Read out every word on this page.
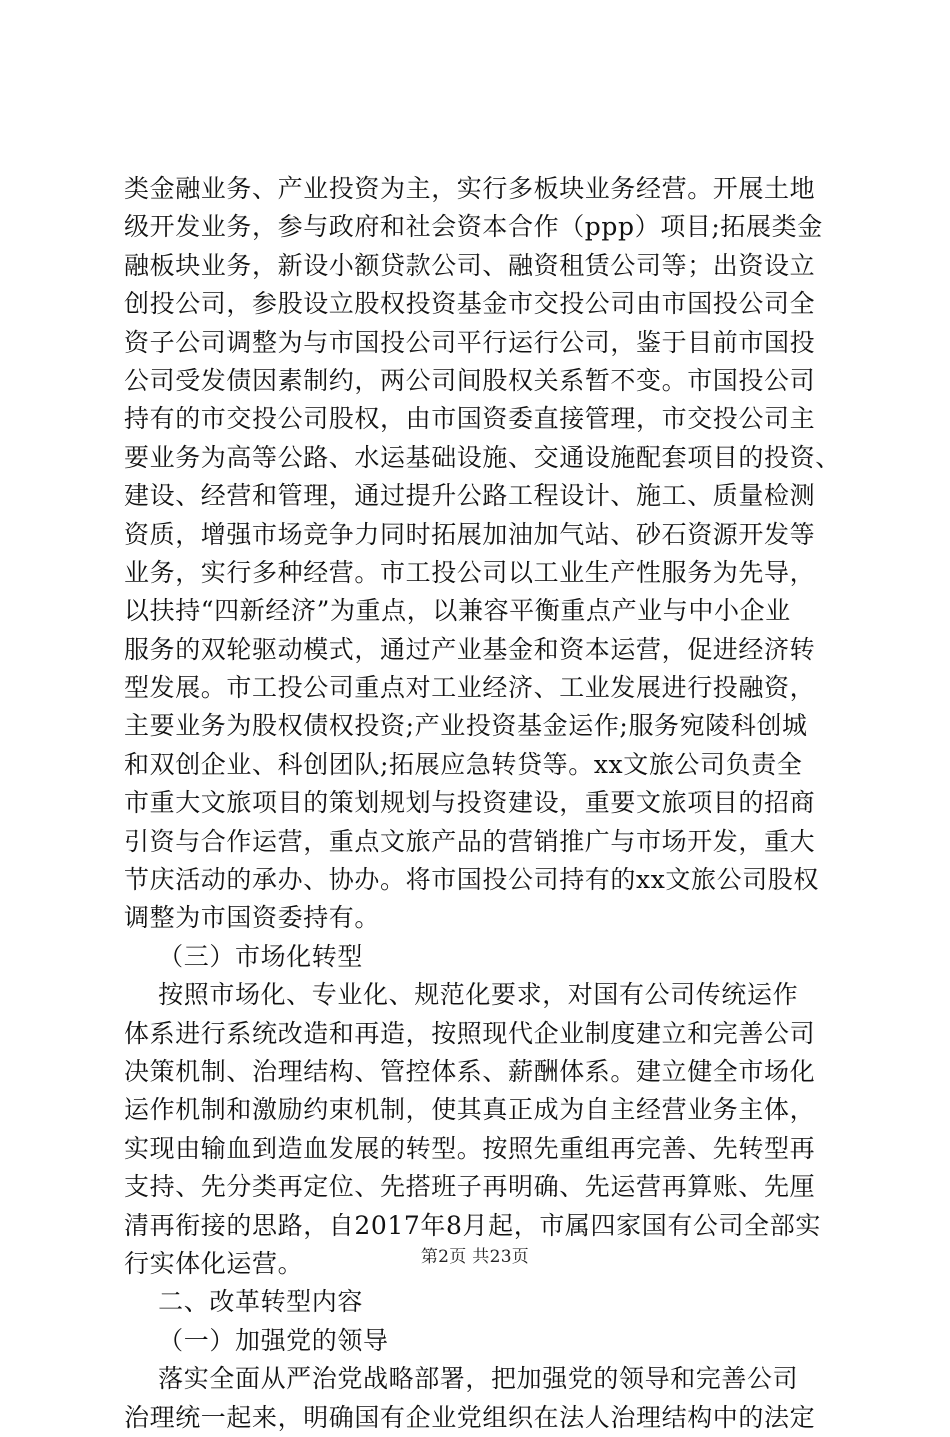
类金融业务、产业投资为主，实行多板块业务经营。开展土地
级开发业务，参与政府和社会资本合作（ppp）项目;拓展类金
融板块业务，新设小额贷款公司、融资租赁公司等；出资设立
创投公司，参股设立股权投资基金市交投公司由市国投公司全
资子公司调整为与市国投公司平行运行公司，鉴于目前市国投
公司受发债因素制约，两公司间股权关系暂不变。市国投公司
持有的市交投公司股权，由市国资委直接管理，市交投公司主
要业务为高等公路、水运基础设施、交通设施配套项目的投资、
建设、经营和管理，通过提升公路工程设计、施工、质量检测
资质，增强市场竞争力同时拓展加油加气站、砂石资源开发等
业务，实行多种经营。市工投公司以工业生产性服务为先导，
以扶持“四新经济”为重点，以兼容平衡重点产业与中小企业
服务的双轮驱动模式，通过产业基金和资本运营，促进经济转
型发展。市工投公司重点对工业经济、工业发展进行投融资，
主要业务为股权债权投资;产业投资基金运作;服务宛陵科创城
和双创企业、科创团队;拓展应急转贷等。xx文旅公司负责全
市重大文旅项目的策划规划与投资建设，重要文旅项目的招商
引资与合作运营，重点文旅产品的营销推广与市场开发，重大
节庆活动的承办、协办。将市国投公司持有的xx文旅公司股权
调整为市国资委持有。
（三）市场化转型
按照市场化、专业化、规范化要求，对国有公司传统运作
体系进行系统改造和再造，按照现代企业制度建立和完善公司
决策机制、治理结构、管控体系、薪酬体系。建立健全市场化
运作机制和激励约束机制，使其真正成为自主经营业务主体，
实现由输血到造血发展的转型。按照先重组再完善、先转型再
支持、先分类再定位、先搭班子再明确、先运营再算账、先厘
清再衔接的思路，自2017年8月起，市属四家国有公司全部实
行实体化运营。
二、改革转型内容
（一）加强党的领导
落实全面从严治党战略部署，把加强党的领导和完善公司
治理统一起来，明确国有企业党组织在法人治理结构中的法定
第2页 共23页
